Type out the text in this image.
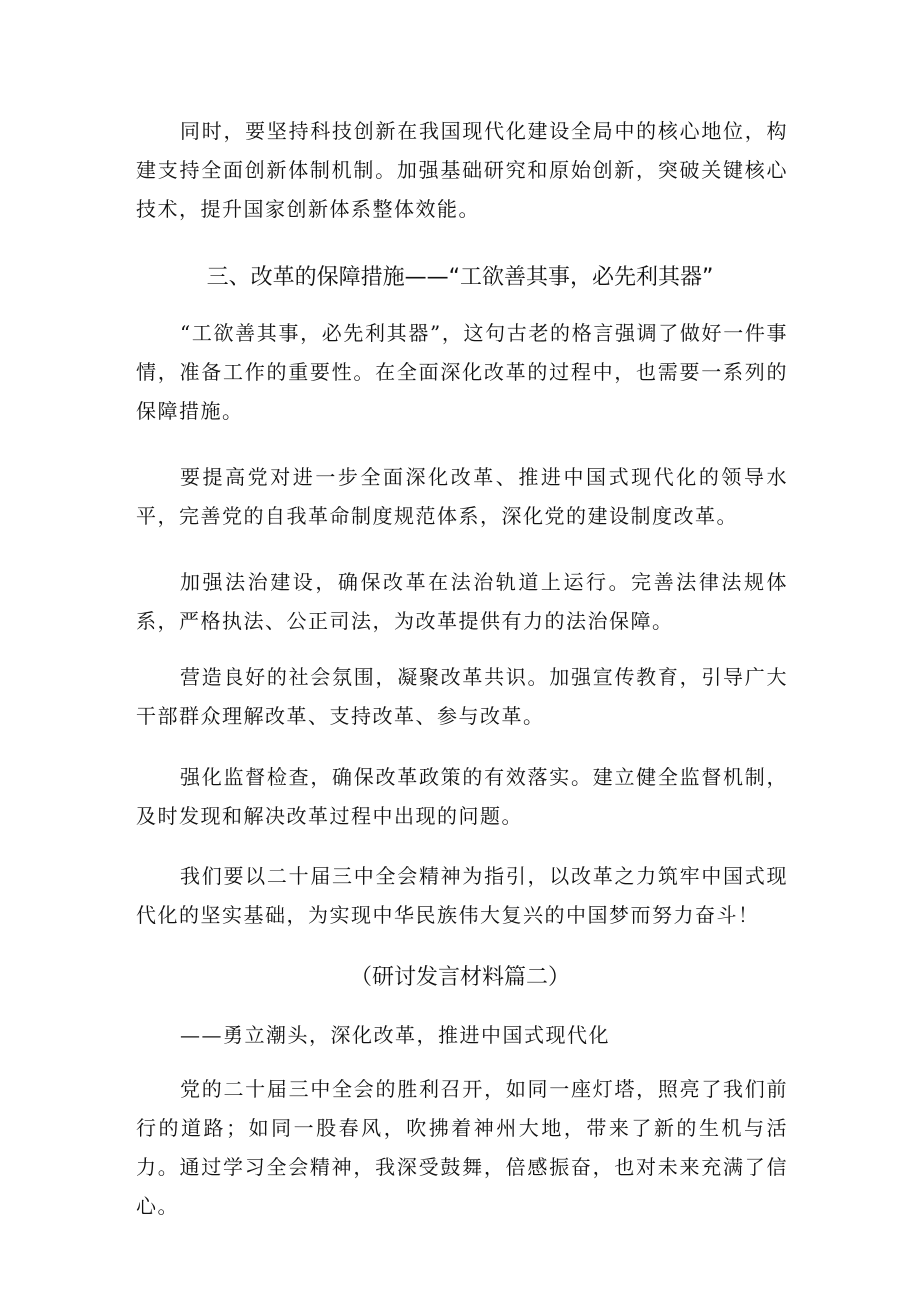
同时，要坚持科技创新在我国现代化建设全局中的核心地位，构建支持全面创新体制机制。加强基础研究和原始创新，突破关键核心技术，提升国家创新体系整体效能。

三、改革的保障措施——“工欲善其事，必先利其器”

“工欲善其事，必先利其器”，这句古老的格言强调了做好一件事情，准备工作的重要性。在全面深化改革的过程中，也需要一系列的保障措施。

要提高党对进一步全面深化改革、推进中国式现代化的领导水平，完善党的自我革命制度规范体系，深化党的建设制度改革。

加强法治建设，确保改革在法治轨道上运行。完善法律法规体系，严格执法、公正司法，为改革提供有力的法治保障。

营造良好的社会氛围，凝聚改革共识。加强宣传教育，引导广大干部群众理解改革、支持改革、参与改革。

强化监督检查，确保改革政策的有效落实。建立健全监督机制，及时发现和解决改革过程中出现的问题。

我们要以二十届三中全会精神为指引，以改革之力筑牢中国式现代化的坚实基础，为实现中华民族伟大复兴的中国梦而努力奋斗！

（研讨发言材料篇二）

——勇立潮头，深化改革，推进中国式现代化

党的二十届三中全会的胜利召开，如同一座灯塔，照亮了我们前行的道路；如同一股春风，吹拂着神州大地，带来了新的生机与活力。通过学习全会精神，我深受鼓舞，倍感振奋，也对未来充满了信心。
